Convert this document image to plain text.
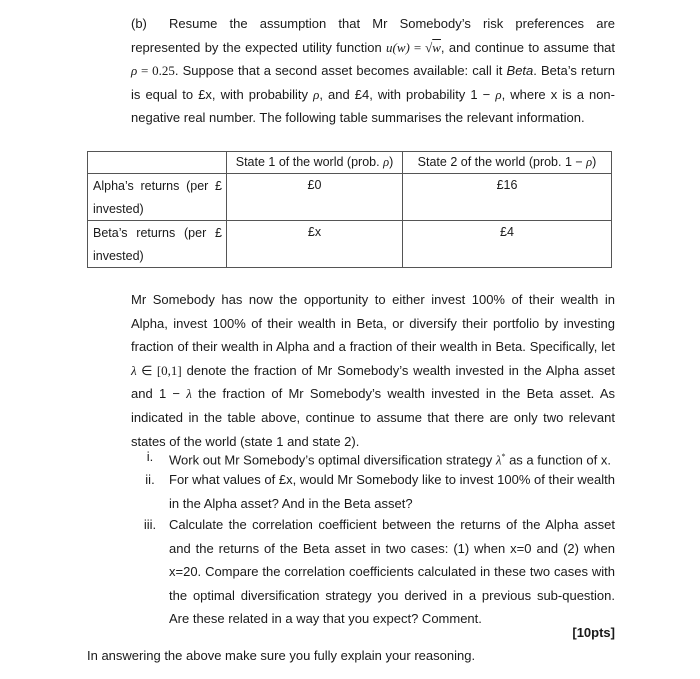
(b) Resume the assumption that Mr Somebody’s risk preferences are represented by the expected utility function u(w) = √w, and continue to assume that ρ = 0.25. Suppose that a second asset becomes available: call it Beta. Beta’s return is equal to £x, with probability ρ, and £4, with probability 1 − ρ, where x is a non-negative real number. The following table summarises the relevant information.
	State 1 of the world (prob. ρ)	State 2 of the world (prob. 1 − ρ)
Alpha’s returns (per £ invested)	£0	£16
Beta’s returns (per £ invested)	£x	£4
Mr Somebody has now the opportunity to either invest 100% of their wealth in Alpha, invest 100% of their wealth in Beta, or diversify their portfolio by investing fraction of their wealth in Alpha and a fraction of their wealth in Beta. Specifically, let λ ∈ [0,1] denote the fraction of Mr Somebody’s wealth invested in the Alpha asset and 1 − λ the fraction of Mr Somebody’s wealth invested in the Beta asset. As indicated in the table above, continue to assume that there are only two relevant states of the world (state 1 and state 2).
i.	Work out Mr Somebody’s optimal diversification strategy λ* as a function of x.
ii.	For what values of £x, would Mr Somebody like to invest 100% of their wealth in the Alpha asset? And in the Beta asset?
iii. Calculate the correlation coefficient between the returns of the Alpha asset and the returns of the Beta asset in two cases: (1) when x=0 and (2) when x=20. Compare the correlation coefficients calculated in these two cases with the optimal diversification strategy you derived in a previous sub-question. Are these related in a way that you expect? Comment.
[10pts]
In answering the above make sure you fully explain your reasoning.
